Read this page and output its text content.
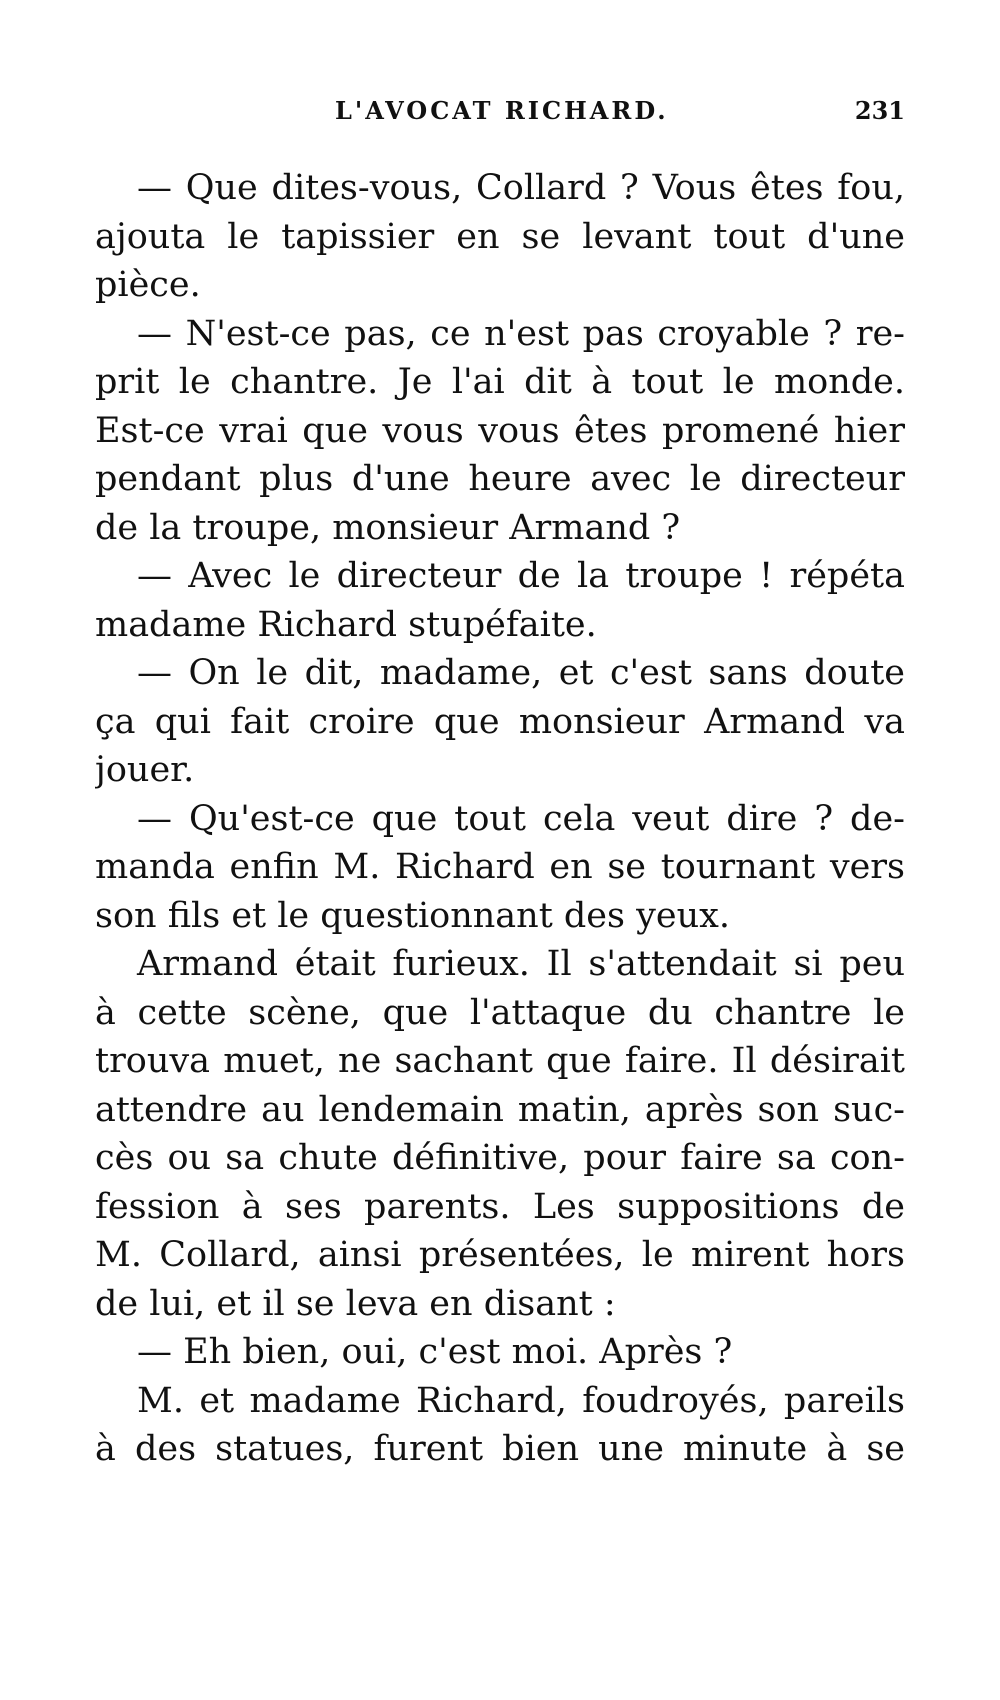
L'AVOCAT RICHARD.	231
— Que dites-vous, Collard ? Vous êtes fou,
ajouta le tapissier en se levant tout d'une
pièce.
— N'est-ce pas, ce n'est pas croyable ? re-
prit le chantre. Je l'ai dit à tout le monde.
Est-ce vrai que vous vous êtes promené hier
pendant plus d'une heure avec le directeur
de la troupe, monsieur Armand ?
— Avec le directeur de la troupe ! répéta
madame Richard stupéfaite.
— On le dit, madame, et c'est sans doute
ça qui fait croire que monsieur Armand va
jouer.
— Qu'est-ce que tout cela veut dire ? de-
manda enfin M. Richard en se tournant vers
son fils et le questionnant des yeux.
Armand était furieux. Il s'attendait si peu
à cette scène, que l'attaque du chantre le
trouva muet, ne sachant que faire. Il désirait
attendre au lendemain matin, après son suc-
cès ou sa chute définitive, pour faire sa con-
fession à ses parents. Les suppositions de
M. Collard, ainsi présentées, le mirent hors
de lui, et il se leva en disant :
— Eh bien, oui, c'est moi. Après ?
M. et madame Richard, foudroyés, pareils
à des statues, furent bien une minute à se
